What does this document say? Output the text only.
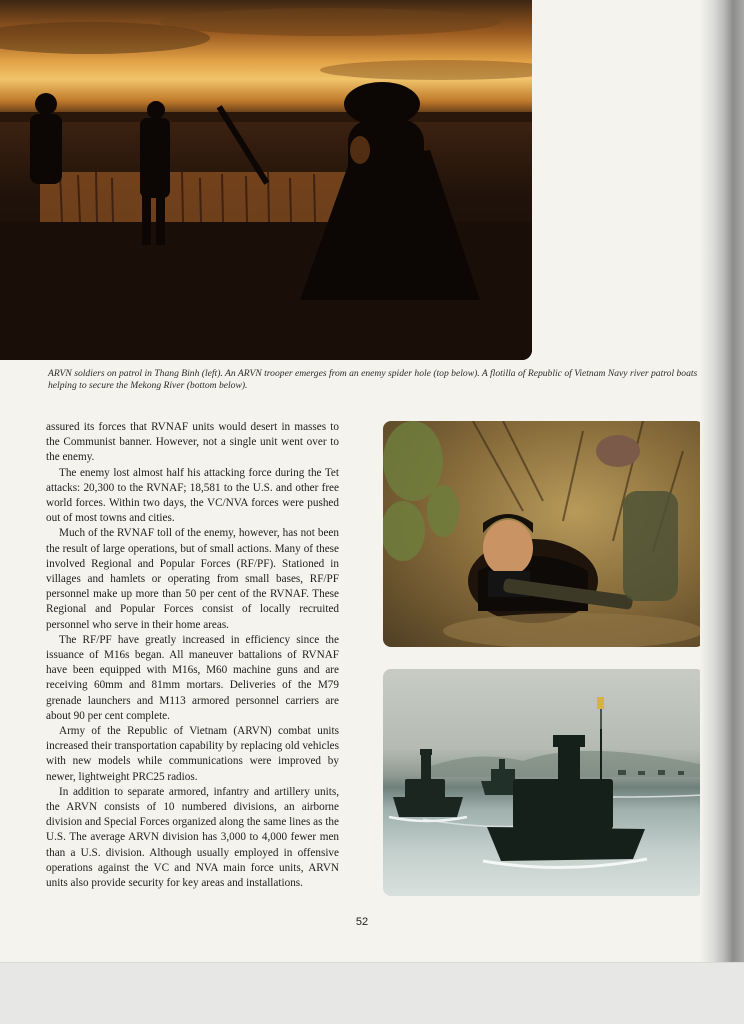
ARVN soldiers on patrol in Thang Binh (left). An ARVN trooper emerges from an enemy spider hole (top below). A flotilla of Republic of Vietnam Navy river patrol boats helping to secure the Mekong River (bottom below).

assured its forces that RVNAF units would desert in masses to the Communist banner. However, not a single unit went over to the enemy.

The enemy lost almost half his attacking force during the Tet attacks: 20,300 to the RVNAF; 18,581 to the U.S. and other free world forces. Within two days, the VC/NVA forces were pushed out of most towns and cities.

Much of the RVNAF toll of the enemy, however, has not been the result of large operations, but of small actions. Many of these involved Regional and Popular Forces (RF/PF). Stationed in villages and hamlets or operating from small bases, RF/PF personnel make up more than 50 per cent of the RVNAF. These Regional and Popular Forces consist of locally recruited personnel who serve in their home areas.

The RF/PF have greatly increased in efficiency since the issuance of M16s began. All maneuver battalions of RVNAF have been equipped with M16s, M60 machine guns and are receiving 60mm and 81mm mortars. Deliveries of the M79 grenade launchers and M113 armored personnel carriers are about 90 per cent complete.

Army of the Republic of Vietnam (ARVN) combat units increased their transportation capability by replacing old vehicles with new models while communications were improved by newer, lightweight PRC25 radios.

In addition to separate armored, infantry and artillery units, the ARVN consists of 10 numbered divisions, an airborne division and Special Forces organized along the same lines as the U.S. The average ARVN division has 3,000 to 4,000 fewer men than a U.S. division. Although usually employed in offensive operations against the VC and NVA main force units, ARVN units also provide security for key areas and installations.

52
